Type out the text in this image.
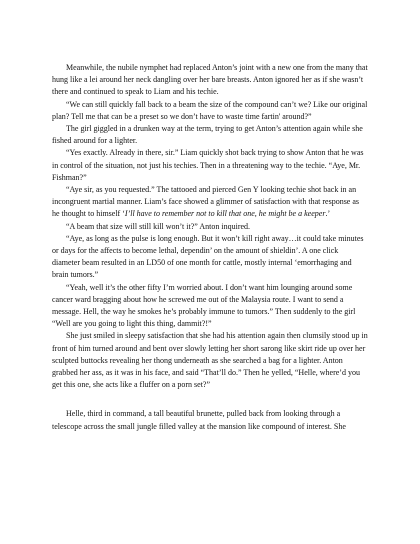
Meanwhile, the nubile nymphet had replaced Anton’s joint with a new one from the many that hung like a lei around her neck dangling over her bare breasts. Anton ignored her as if she wasn’t there and continued to speak to Liam and his techie.

“We can still quickly fall back to a beam the size of the compound can’t we? Like our original plan? Tell me that can be a preset so we don’t have to waste time fartin' around?”

The girl giggled in a drunken way at the term, trying to get Anton’s attention again while she fished around for a lighter.

“Yes exactly. Already in there, sir.” Liam quickly shot back trying to show Anton that he was in control of the situation, not just his techies. Then in a threatening way to the techie. “Aye, Mr. Fishman?”

“Aye sir, as you requested.” The tattooed and pierced Gen Y looking techie shot back in an incongruent martial manner. Liam’s face showed a glimmer of satisfaction with that response as he thought to himself ‘I’ll have to remember not to kill that one, he might be a keeper.’

“A beam that size will still kill won’t it?” Anton inquired.

“Aye, as long as the pulse is long enough. But it won’t kill right away…it could take minutes or days for the affects to become lethal, dependin’ on the amount of shieldin’. A one click diameter beam resulted in an LD50 of one month for cattle, mostly internal ‘emorrhaging and brain tumors.”

“Yeah, well it’s the other fifty I’m worried about. I don’t want him lounging around some cancer ward bragging about how he screwed me out of the Malaysia route. I want to send a message. Hell, the way he smokes he’s probably immune to tumors.” Then suddenly to the girl “Well are you going to light this thing, dammit?!”

She just smiled in sleepy satisfaction that she had his attention again then clumsily stood up in front of him turned around and bent over slowly letting her short sarong like skirt ride up over her sculpted buttocks revealing her thong underneath as she searched a bag for a lighter. Anton grabbed her ass, as it was in his face, and said “That’ll do.” Then he yelled, “Helle, where’d you get this one, she acts like a fluffer on a porn set?”

Helle, third in command, a tall beautiful brunette, pulled back from looking through a telescope across the small jungle filled valley at the mansion like compound of interest. She
